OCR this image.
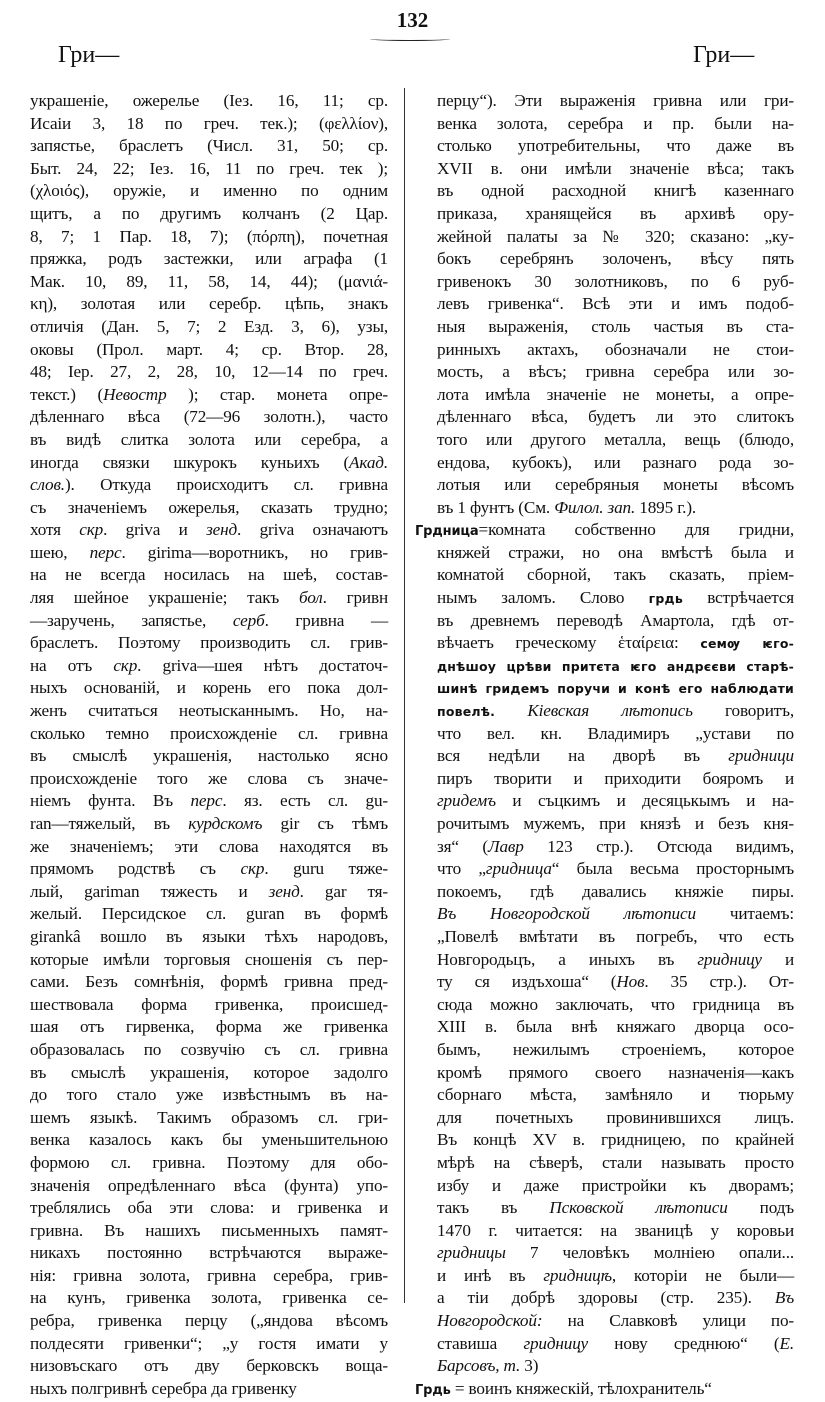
132
Гри—	Гри—
украшеніе, ожерелье (Іез. 16, 11; ср.
Исаіи 3, 18 по греч. тек.); (φελλίον),
запястье, браслетъ (Числ. 31, 50; ср.
Быт. 24, 22; Іез. 16, 11 по греч. тек );
(χλοιός), оружіе, и именно по одним
щитъ, а по другимъ колчанъ (2 Цар.
8, 7; 1 Пар. 18, 7); (πόρπη), почетная
пряжка, родъ застежки, или аграфа (1
Мак. 10, 89, 11, 58, 14, 44); (μανιά-
κη), золотая или серебр. цѣпь, знакъ
отличія (Дан. 5, 7; 2 Езд. 3, 6), узы,
оковы (Прол. март. 4; ср. Втор. 28,
48; Іер. 27, 2, 28, 10, 12—14 по греч.
текст.) (Невостр ); стар. монета опре-
дѣленнаго вѣса (72—96 золотн.), часто
въ видѣ слитка золота или серебра, а
иногда связки шкурокъ куньихъ (Акад.
слов.). Откуда происходитъ сл. гривна
съ значеніемъ ожерелья, сказать трудно;
хотя скр. griva и зенд. griva означаютъ
шею, перс. girima—воротникъ, но грив-
на не всегда носилась на шеѣ, состав-
ляя шейное украшеніе; такъ бол. гривн
—заручень, запястье, серб. гривна —
браслетъ. Поэтому производить сл. грив-
на отъ скр. griva—шея нѣтъ достаточ-
ныхъ основаній, и корень его пока дол-
женъ считаться неотысканнымъ. Но, на-
сколько темно происхожденіе сл. гривна
въ смыслѣ украшенія, настолько ясно
происхожденіе того же слова съ значе-
ніемъ фунта. Въ перс. яз. есть сл. gu-
ran—тяжелый, въ курдскомъ gir съ тѣмъ
же значеніемъ; эти слова находятся въ
прямомъ родствѣ съ скр. guru тяже-
лый, gariman тяжесть и зенд. gar тя-
желый. Персидское сл. guran въ формѣ
girankâ вошло въ языки тѣхъ народовъ,
которые имѣли торговыя сношенія съ пер-
сами. Безъ сомнѣнія, формѣ гривна пред-
шествовала форма гривенка, происшед-
шая отъ гирвенка, форма же гривенка
образовалась по созвучію съ сл. гривна
въ смыслѣ украшенія, которое задолго
до того стало уже извѣстнымъ въ на-
шемъ языкѣ. Такимъ образомъ сл. гри-
венка казалось какъ бы уменьшительною
формою сл. гривна. Поэтому для обо-
значенія опредѣленнаго вѣса (фунта) упо-
треблялись оба эти слова: и гривенка и
гривна. Въ нашихъ письменныхъ памят-
никахъ постоянно встрѣчаются выраже-
нія: гривна золота, гривна серебра, грив-
на кунъ, гривенка золота, гривенка се-
ребра, гривенка перцу („яндова вѣсомъ
полдесяти гривенки“; „у гостя имати у
низовъскаго отъ дву берковскъ воща-
ныхъ полгривнѣ серебра да гривенку
перцу“). Эти выраженія гривна или гри-
венка золота, серебра и пр. были на-
столько употребительны, что даже въ
XVII в. они имѣли значеніе вѣса; такъ
въ одной расходной книгѣ казеннаго
приказа, хранящейся въ архивѣ ору-
жейной палаты за № 320; сказано: „ку-
бокъ серебрянъ золоченъ, вѣсу пять
гривенокъ 30 золотниковъ, по 6 руб-
левъ гривенка“. Всѣ эти и имъ подоб-
ныя выраженія, столь частыя въ ста-
ринныхъ актахъ, обозначали не стои-
мость, а вѣсъ; гривна серебра или зо-
лота имѣла значеніе не монеты, а опре-
дѣленнаго вѣса, будетъ ли это слитокъ
того или другого металла, вещь (блюдо,
ендова, кубокъ), или разнаго рода зо-
лотыя или серебряныя монеты вѣсомъ
въ 1 фунтъ (См. Филол. зап. 1895 г.).
Грдница=комната собственно для гридни,
княжей стражи, но она вмѣстѣ была и
комнатой сборной, такъ сказать, пріем-
нымъ заломъ. Слово грдь встрѣчается
въ древнемъ переводѣ Амартола, гдѣ от-
вѣчаетъ греческому ἑταίρεια: семѹ ѥго-
днѣшоу црѣви притєта ѥго андрєєви старѣ-
шинѣ гридемъ поручи и конѣ его наблюдати
повелѣ. Кіевская лѣтопись говоритъ,
что вел. кн. Владимиръ „устави по
вся недѣли на дворѣ въ гридници
пиръ творити и приходити бояромъ и
гридемъ и съцкимъ и десяцькымъ и на-
рочитымъ мужемъ, при князѣ и безъ кня-
зя“ (Лавр 123 стр.). Отсюда видимъ,
что „гридница“ была весьма просторнымъ
покоемъ, гдѣ давались княжіе пиры.
Въ Новгородской лѣтописи читаемъ:
„Повелѣ вмѣтати въ погребъ, что есть
Новгородьцъ, а иныхъ въ гридницу и
ту ся издъхоша“ (Нов. 35 стр.). От-
сюда можно заключать, что гридница въ
XIII в. была внѣ княжаго дворца осо-
бымъ, нежилымъ строеніемъ, которое
кромѣ прямого своего назначенія—какъ
сборнаго мѣста, замѣняло и тюрьму
для почетныхъ провинившихся лицъ.
Въ концѣ XV в. гридницею, по крайней
мѣрѣ на сѣверѣ, стали называть просто
избу и даже пристройки къ дворамъ;
такъ въ Псковской лѣтописи подъ
1470 г. читается: на званицѣ у коровьи
гридницы 7 человѣкъ молніею опали...
и инѣ въ гридницѣ, которіи не были—
а тіи добрѣ здоровы (стр. 235). Въ
Новгородской: на Славковѣ улици по-
ставиша гридницу нову среднюю“ (Е.
Барсовъ, т. 3)
Грдь = воинъ княжескій, тѣлохранитель“
